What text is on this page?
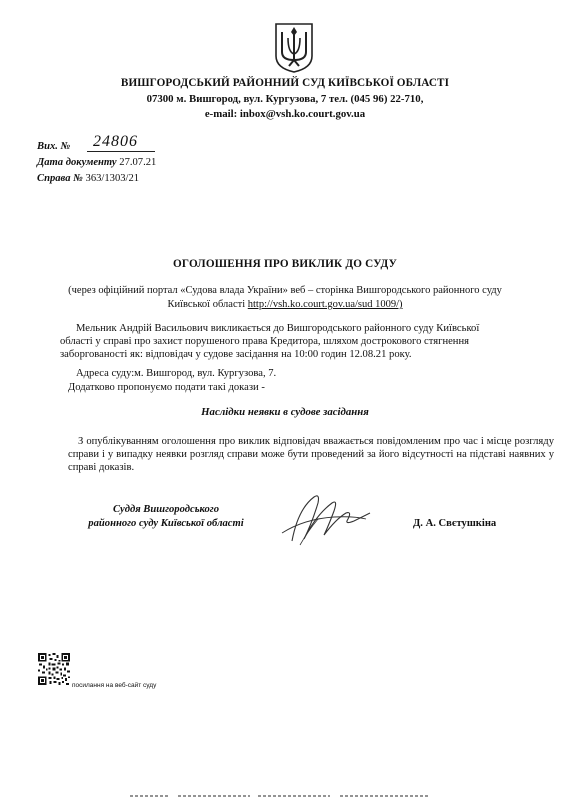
ВИШГОРОДСЬКИЙ РАЙОННИЙ СУД КИЇВСЬКОЇ ОБЛАСТІ
07300 м. Вишгород, вул. Кургузова, 7 тел. (045 96) 22-710,
e-mail: inbox@vsh.ko.court.gov.ua
Вих. № 24806
Дата документу 27.07.21
Справа № 363/1303/21
ОГОЛОШЕННЯ ПРО ВИКЛИК ДО СУДУ
(через офіційний портал «Судова влада України» веб – сторінка Вишгородського районного суду
Київської області http://vsh.ko.court.gov.ua/sud 1009/)
Мельник Андрій Васильович викликається до Вишгородського районного суду Київської
області у справі про захист порушеного права Кредитора, шляхом дострокового стягнення
заборгованості як: відповідач у судове засідання на 10:00 годин 12.08.21 року.
Адреса суду:м. Вишгород, вул. Кургузова, 7.
Додатково пропонуємо подати такі докази -
Наслідки неявки в судове засідання
З опублікуванням оголошення про виклик відповідач вважається повідомленим про час і місце розгляду справи і у випадку неявки розгляд справи може бути проведений за його відсутності на підставі наявних у справі доказів.
Суддя Вишгородського
районного суду Київської області	Д. А. Свєтушкіна
посилання на веб-сайт суду
